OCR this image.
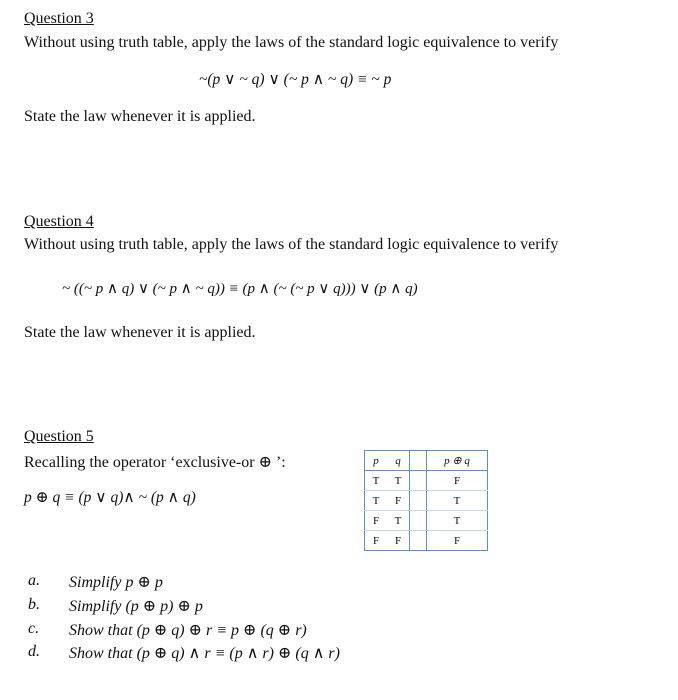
Question 3
Without using truth table, apply the laws of the standard logic equivalence to verify
~(p ∨ ~ q) ∨ (~ p ∧ ~ q) ≡ ~ p
State the law whenever it is applied.
Question 4
Without using truth table, apply the laws of the standard logic equivalence to verify
~ ((~ p ∧ q) ∨ (~ p ∧ ~ q)) ≡ (p ∧ (~ (~ p ∨ q))) ∨ (p ∧ q)
State the law whenever it is applied.
Question 5
Recalling the operator ‘exclusive-or ⊕ ’:
p ⊕ q ≡ (p ∨ q)∧ ~ (p ∧ q)
p	q		p ⊕ q
T	T		F
T	F		T
F	T		T
F	F		F
a. Simplify p ⊕ p
b. Simplify (p ⊕ p) ⊕ p
c. Show that (p ⊕ q) ⊕ r ≡ p ⊕ (q ⊕ r)
d. Show that (p ⊕ q) ∧ r ≡ (p ∧ r) ⊕ (q ∧ r)
